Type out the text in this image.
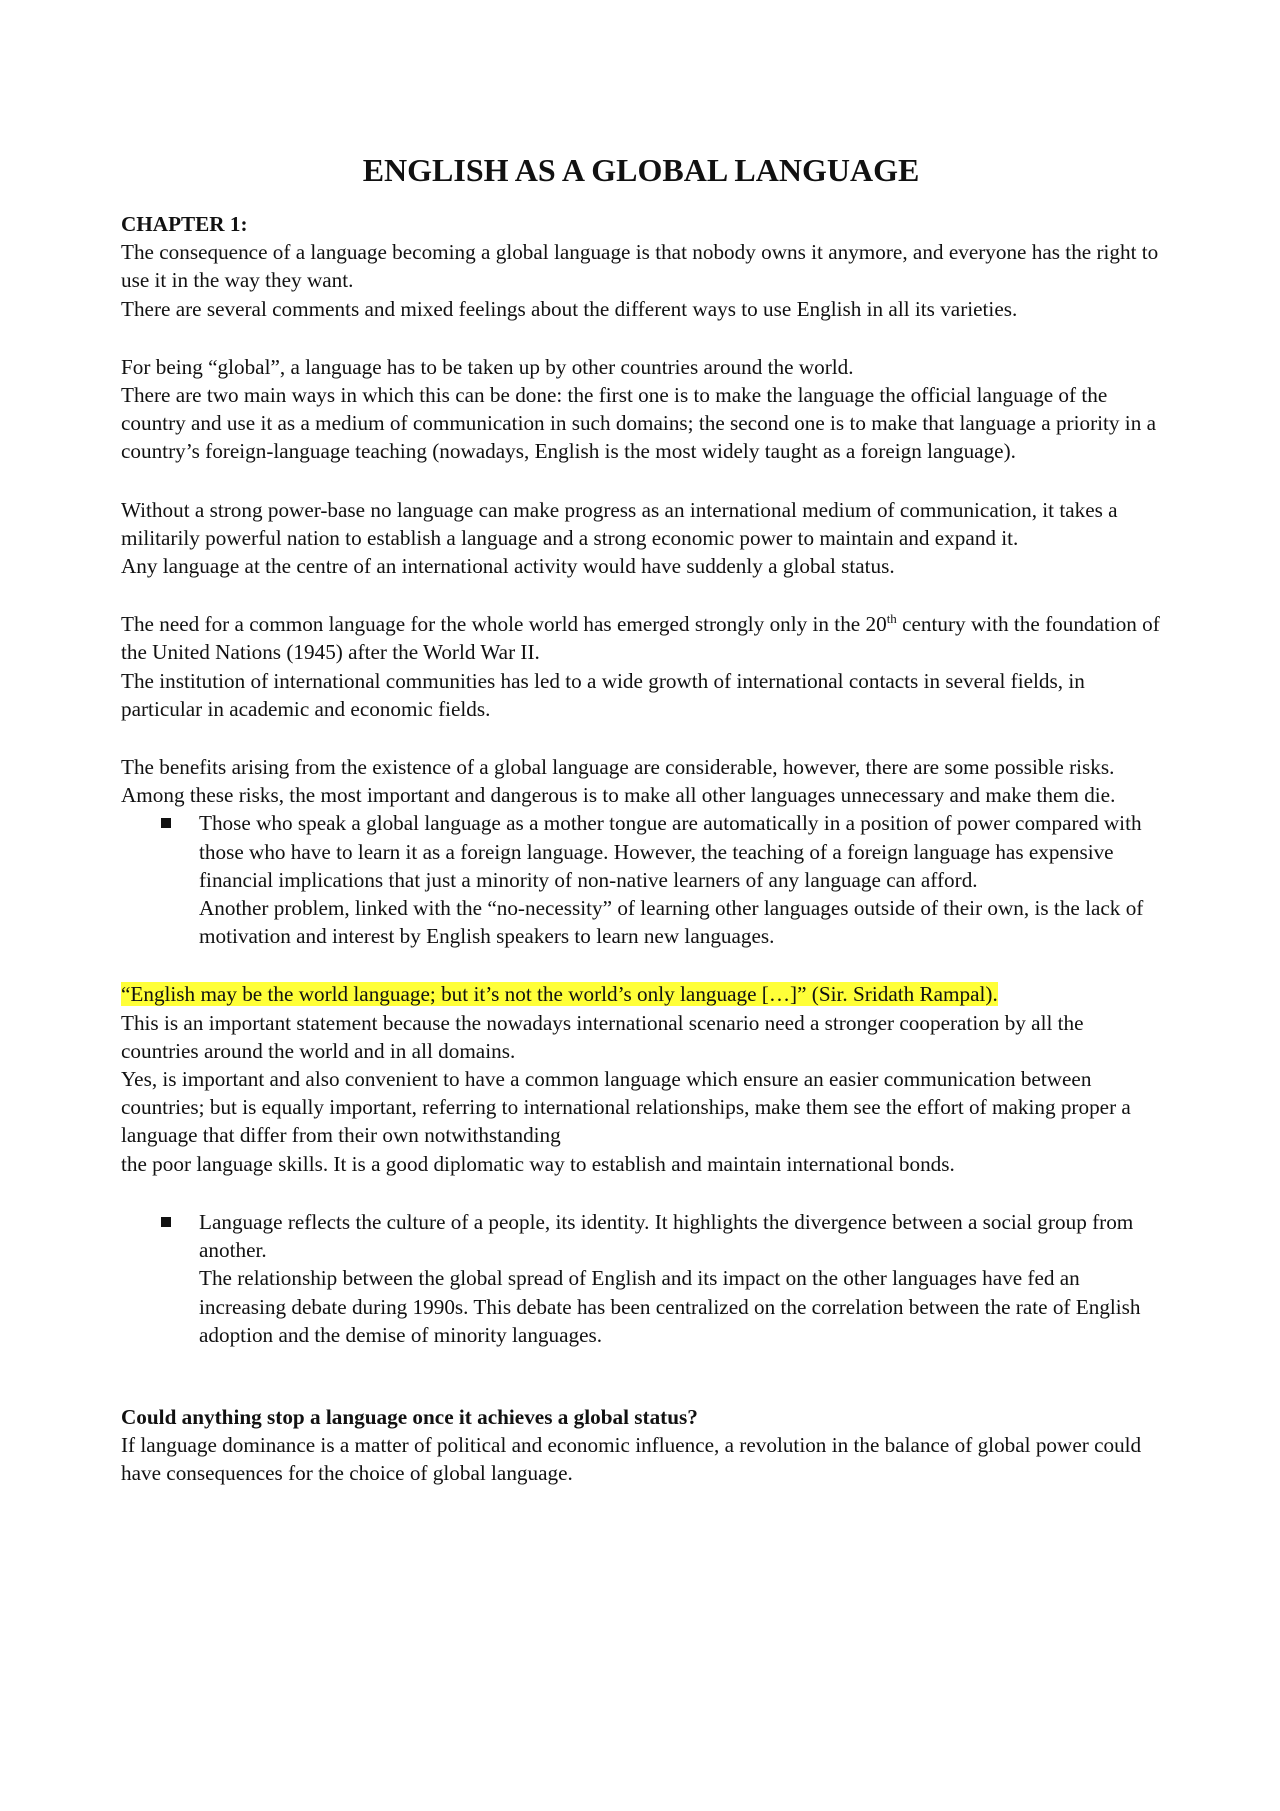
ENGLISH AS A GLOBAL LANGUAGE

CHAPTER 1:

The consequence of a language becoming a global language is that nobody owns it anymore, and everyone has the right to use it in the way they want.

There are several comments and mixed feelings about the different ways to use English in all its varieties.

For being “global”, a language has to be taken up by other countries around the world.

There are two main ways in which this can be done: the first one is to make the language the official language of the country and use it as a medium of communication in such domains; the second one is to make that language a priority in a country’s foreign-language teaching (nowadays, English is the most widely taught as a foreign language).

Without a strong power-base no language can make progress as an international medium of communication, it takes a militarily powerful nation to establish a language and a strong economic power to maintain and expand it.

Any language at the centre of an international activity would have suddenly a global status.

The need for a common language for the whole world has emerged strongly only in the 20th century with the foundation of the United Nations (1945) after the World War II.

The institution of international communities has led to a wide growth of international contacts in several fields, in particular in academic and economic fields.

The benefits arising from the existence of a global language are considerable, however, there are some possible risks.

Among these risks, the most important and dangerous is to make all other languages unnecessary and make them die.

Those who speak a global language as a mother tongue are automatically in a position of power compared with those who have to learn it as a foreign language. However, the teaching of a foreign language has expensive financial implications that just a minority of non-native learners of any language can afford.

Another problem, linked with the “no-necessity” of learning other languages outside of their own, is the lack of motivation and interest by English speakers to learn new languages.

“English may be the world language; but it’s not the world’s only language […]” (Sir. Sridath Rampal).

This is an important statement because the nowadays international scenario need a stronger cooperation by all the countries around the world and in all domains.

Yes, is important and also convenient to have a common language which ensure an easier communication between countries; but is equally important, referring to international relationships, make them see the effort of making proper a language that differ from their own notwithstanding

the poor language skills. It is a good diplomatic way to establish and maintain international bonds.

Language reflects the culture of a people, its identity. It highlights the divergence between a social group from another.

The relationship between the global spread of English and its impact on the other languages have fed an increasing debate during 1990s. This debate has been centralized on the correlation between the rate of English adoption and the demise of minority languages.

Could anything stop a language once it achieves a global status?

If language dominance is a matter of political and economic influence, a revolution in the balance of global power could have consequences for the choice of global language.
